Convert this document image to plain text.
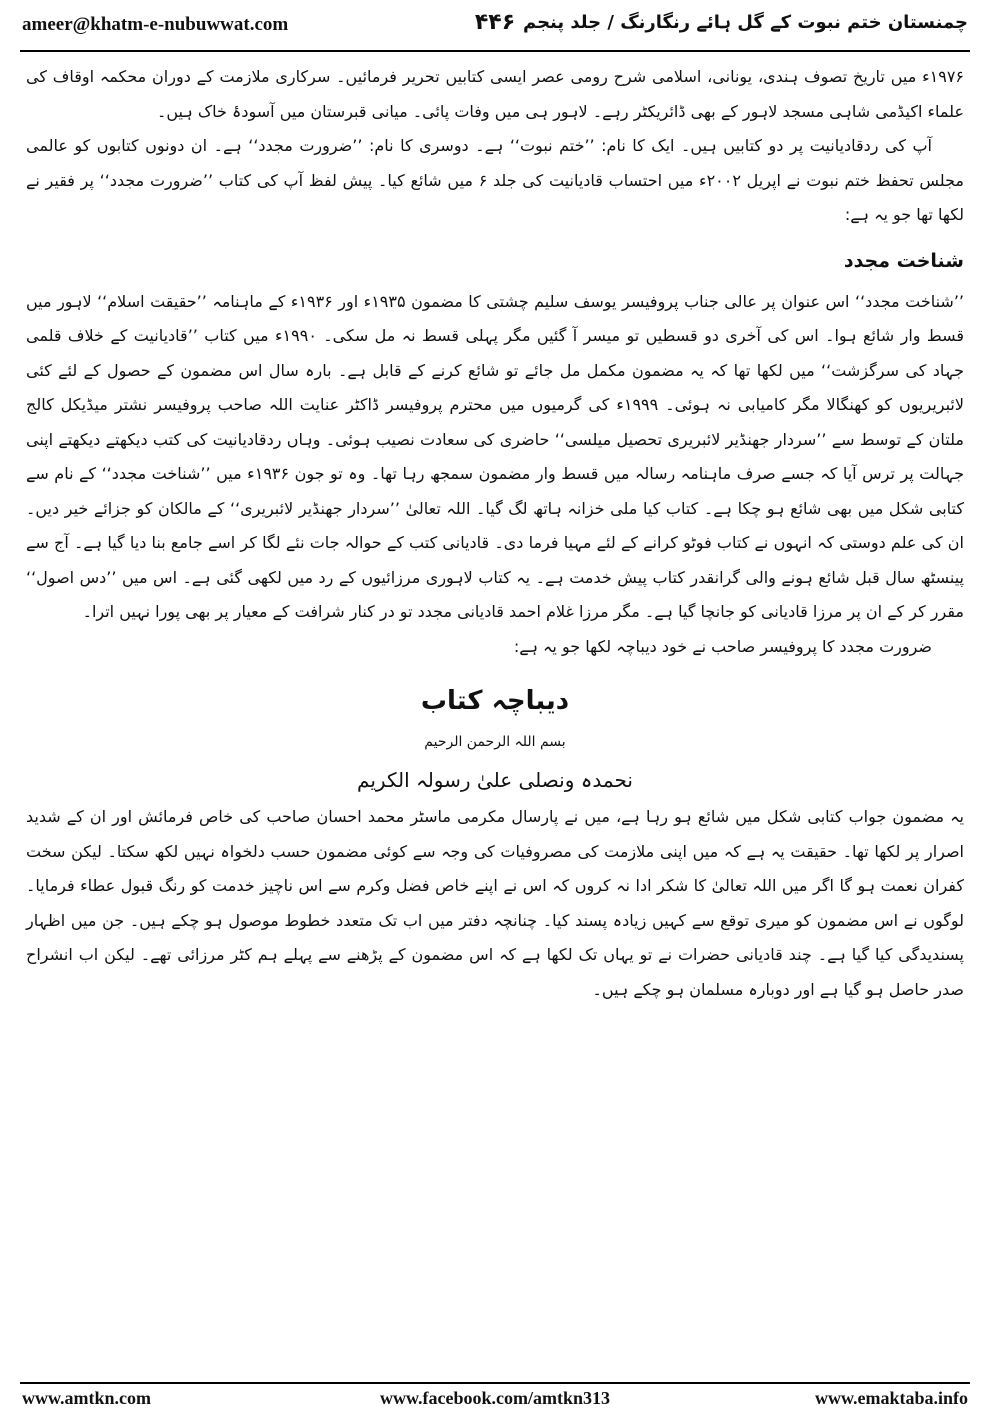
ameer@khatm-e-nubuwwat.com	۴۴۶ چمنستان ختم نبوت کے گل ہائے رنگارنگ / جلد پنجم

۱۹۷۶ء میں تاریخ تصوف ہندی، یونانی، اسلامی شرح رومی عصر ایسی کتابیں تحریر فرمائیں۔ سرکاری ملازمت کے دوران محکمہ اوقاف کی علماء اکیڈمی شاہی مسجد لاہور کے بھی ڈائریکٹر رہے۔ لاہور ہی میں وفات پائی۔ میانی قبرستان میں آسودۂ خاک ہیں۔

آپ کی ردقادیانیت پر دو کتابیں ہیں۔ ایک کا نام: ’’ختم نبوت‘‘ ہے۔ دوسری کا نام: ’’ضرورت مجدد‘‘ ہے۔ ان دونوں کتابوں کو عالمی مجلس تحفظ ختم نبوت نے اپریل ۲۰۰۲ء میں احتساب قادیانیت کی جلد ۶ میں شائع کیا۔ پیش لفظ آپ کی کتاب ’’ضرورت مجدد‘‘ پر فقیر نے لکھا تھا جو یہ ہے:

شناخت مجدد

’’شناخت مجدد‘‘ اس عنوان پر عالی جناب پروفیسر یوسف سلیم چشتی کا مضمون ۱۹۳۵ء اور ۱۹۳۶ء کے ماہنامہ ’’حقیقت اسلام‘‘ لاہور میں قسط وار شائع ہوا۔ اس کی آخری دو قسطیں تو میسر آ گئیں مگر پہلی قسط نہ مل سکی۔ ۱۹۹۰ء میں کتاب ’’قادیانیت کے خلاف قلمی جہاد کی سرگزشت‘‘ میں لکھا تھا کہ یہ مضمون مکمل مل جائے تو شائع کرنے کے قابل ہے۔ بارہ سال اس مضمون کے حصول کے لئے کئی لائبریریوں کو کھنگالا مگر کامیابی نہ ہوئی۔ ۱۹۹۹ء کی گرمیوں میں محترم پروفیسر ڈاکٹر عنایت اللہ صاحب پروفیسر نشتر میڈیکل کالج ملتان کے توسط سے ’’سردار جھنڈیر لائبریری تحصیل میلسی‘‘ حاضری کی سعادت نصیب ہوئی۔ وہاں ردقادیانیت کی کتب دیکھتے دیکھتے اپنی جہالت پر ترس آیا کہ جسے صرف ماہنامہ رسالہ میں قسط وار مضمون سمجھ رہا تھا۔ وہ تو جون ۱۹۳۶ء میں ’’شناخت مجدد‘‘ کے نام سے کتابی شکل میں بھی شائع ہو چکا ہے۔ کتاب کیا ملی خزانہ ہاتھ لگ گیا۔ اللہ تعالیٰ ’’سردار جھنڈیر لائبریری‘‘ کے مالکان کو جزائے خیر دیں۔ ان کی علم دوستی کہ انہوں نے کتاب فوٹو کرانے کے لئے مہیا فرما دی۔ قادیانی کتب کے حوالہ جات نئے لگا کر اسے جامع بنا دیا گیا ہے۔ آج سے پینسٹھ سال قبل شائع ہونے والی گرانقدر کتاب پیش خدمت ہے۔ یہ کتاب لاہوری مرزائیوں کے رد میں لکھی گئی ہے۔ اس میں ’’دس اصول‘‘ مقرر کر کے ان پر مرزا قادیانی کو جانچا گیا ہے۔ مگر مرزا غلام احمد قادیانی مجدد تو در کنار شرافت کے معیار پر بھی پورا نہیں اترا۔

ضرورت مجدد کا پروفیسر صاحب نے خود دیباچہ لکھا جو یہ ہے:

دیباچہ کتاب
بسم اللہ الرحمن الرحیم
نحمدہ ونصلی علیٰ رسولہ الکریم

یہ مضمون جواب کتابی شکل میں شائع ہو رہا ہے، میں نے پارسال مکرمی ماسٹر محمد احسان صاحب کی خاص فرمائش اور ان کے شدید اصرار پر لکھا تھا۔ حقیقت یہ ہے کہ میں اپنی ملازمت کی مصروفیات کی وجہ سے کوئی مضمون حسب دلخواہ نہیں لکھ سکتا۔ لیکن سخت کفران نعمت ہو گا اگر میں اللہ تعالیٰ کا شکر ادا نہ کروں کہ اس نے اپنے خاص فضل وکرم سے اس ناچیز خدمت کو رنگ قبول عطاء فرمایا۔ لوگوں نے اس مضمون کو میری توقع سے کہیں زیادہ پسند کیا۔ چنانچہ دفتر میں اب تک متعدد خطوط موصول ہو چکے ہیں۔ جن میں اظہار پسندیدگی کیا گیا ہے۔ چند قادیانی حضرات نے تو یہاں تک لکھا ہے کہ اس مضمون کے پڑھنے سے پہلے ہم کٹر مرزائی تھے۔ لیکن اب انشراح صدر حاصل ہو گیا ہے اور دوبارہ مسلمان ہو چکے ہیں۔

www.amtkn.com	www.facebook.com/amtkn313	www.emaktaba.info
